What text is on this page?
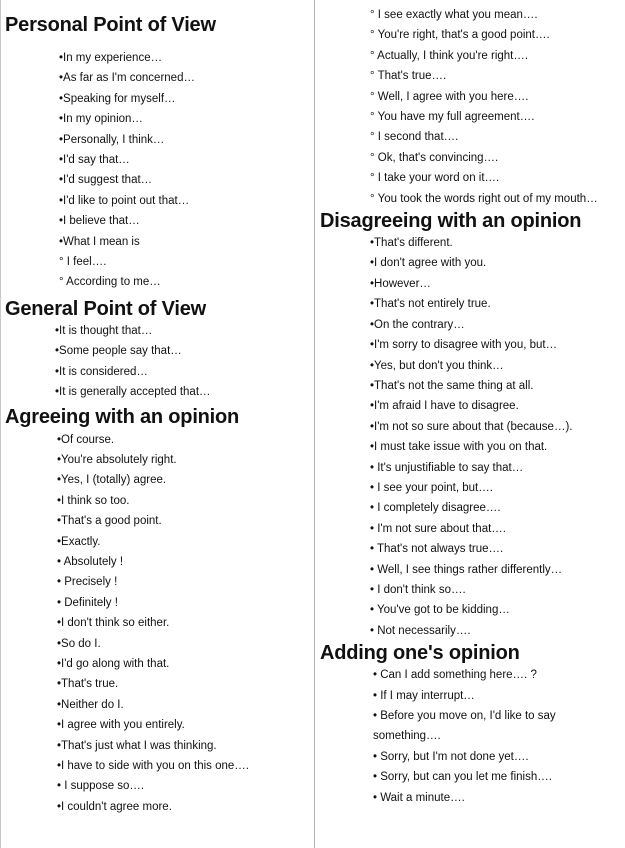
Personal Point of View
•In my experience…
•As far as I'm concerned…
•Speaking for myself…
•In my opinion…
•Personally, I think…
•I'd say that…
•I'd suggest that…
•I'd like to point out that…
•I believe that…
•What I mean is
° I feel….
° According to me…
General Point of View
•It is thought that…
•Some people say that…
•It is considered…
•It is generally accepted that…
Agreeing with an opinion
•Of course.
•You're absolutely right.
•Yes, I (totally) agree.
•I think so too.
•That's a good point.
•Exactly.
• Absolutely !
• Precisely !
• Definitely !
•I don't think so either.
•So do I.
•I'd go along with that.
•That's true.
•Neither do I.
•I agree with you entirely.
•That's just what I was thinking.
•I have to side with you on this one….
• I suppose so….
•I couldn't agree more.
° I see exactly what you mean….
° You're right, that's a good point….
° Actually, I think you're right….
° That's true….
° Well, I agree with you here….
° You have my full agreement….
° I second that….
° Ok, that's convincing….
° I take your word on it….
° You took the words right out of my mouth…
Disagreeing with an opinion
•That's different.
•I don't agree with you.
•However…
•That's not entirely true.
•On the contrary…
•I'm sorry to disagree with you, but…
•Yes, but don't you think…
•That's not the same thing at all.
•I'm afraid I have to disagree.
•I'm not so sure about that (because…).
•I must take issue with you on that.
• It's unjustifiable to say that…
• I see your point, but….
• I completely disagree….
• I'm not sure about that….
• That's not always true….
• Well, I see things rather differently…
• I don't think so….
• You've got to be kidding…
• Not necessarily….
Adding one's opinion
• Can I add something here…. ?
• If I may interrupt…
• Before you move on, I'd like to say something….
• Sorry, but I'm not done yet….
• Sorry, but can you let me finish….
• Wait a minute….
